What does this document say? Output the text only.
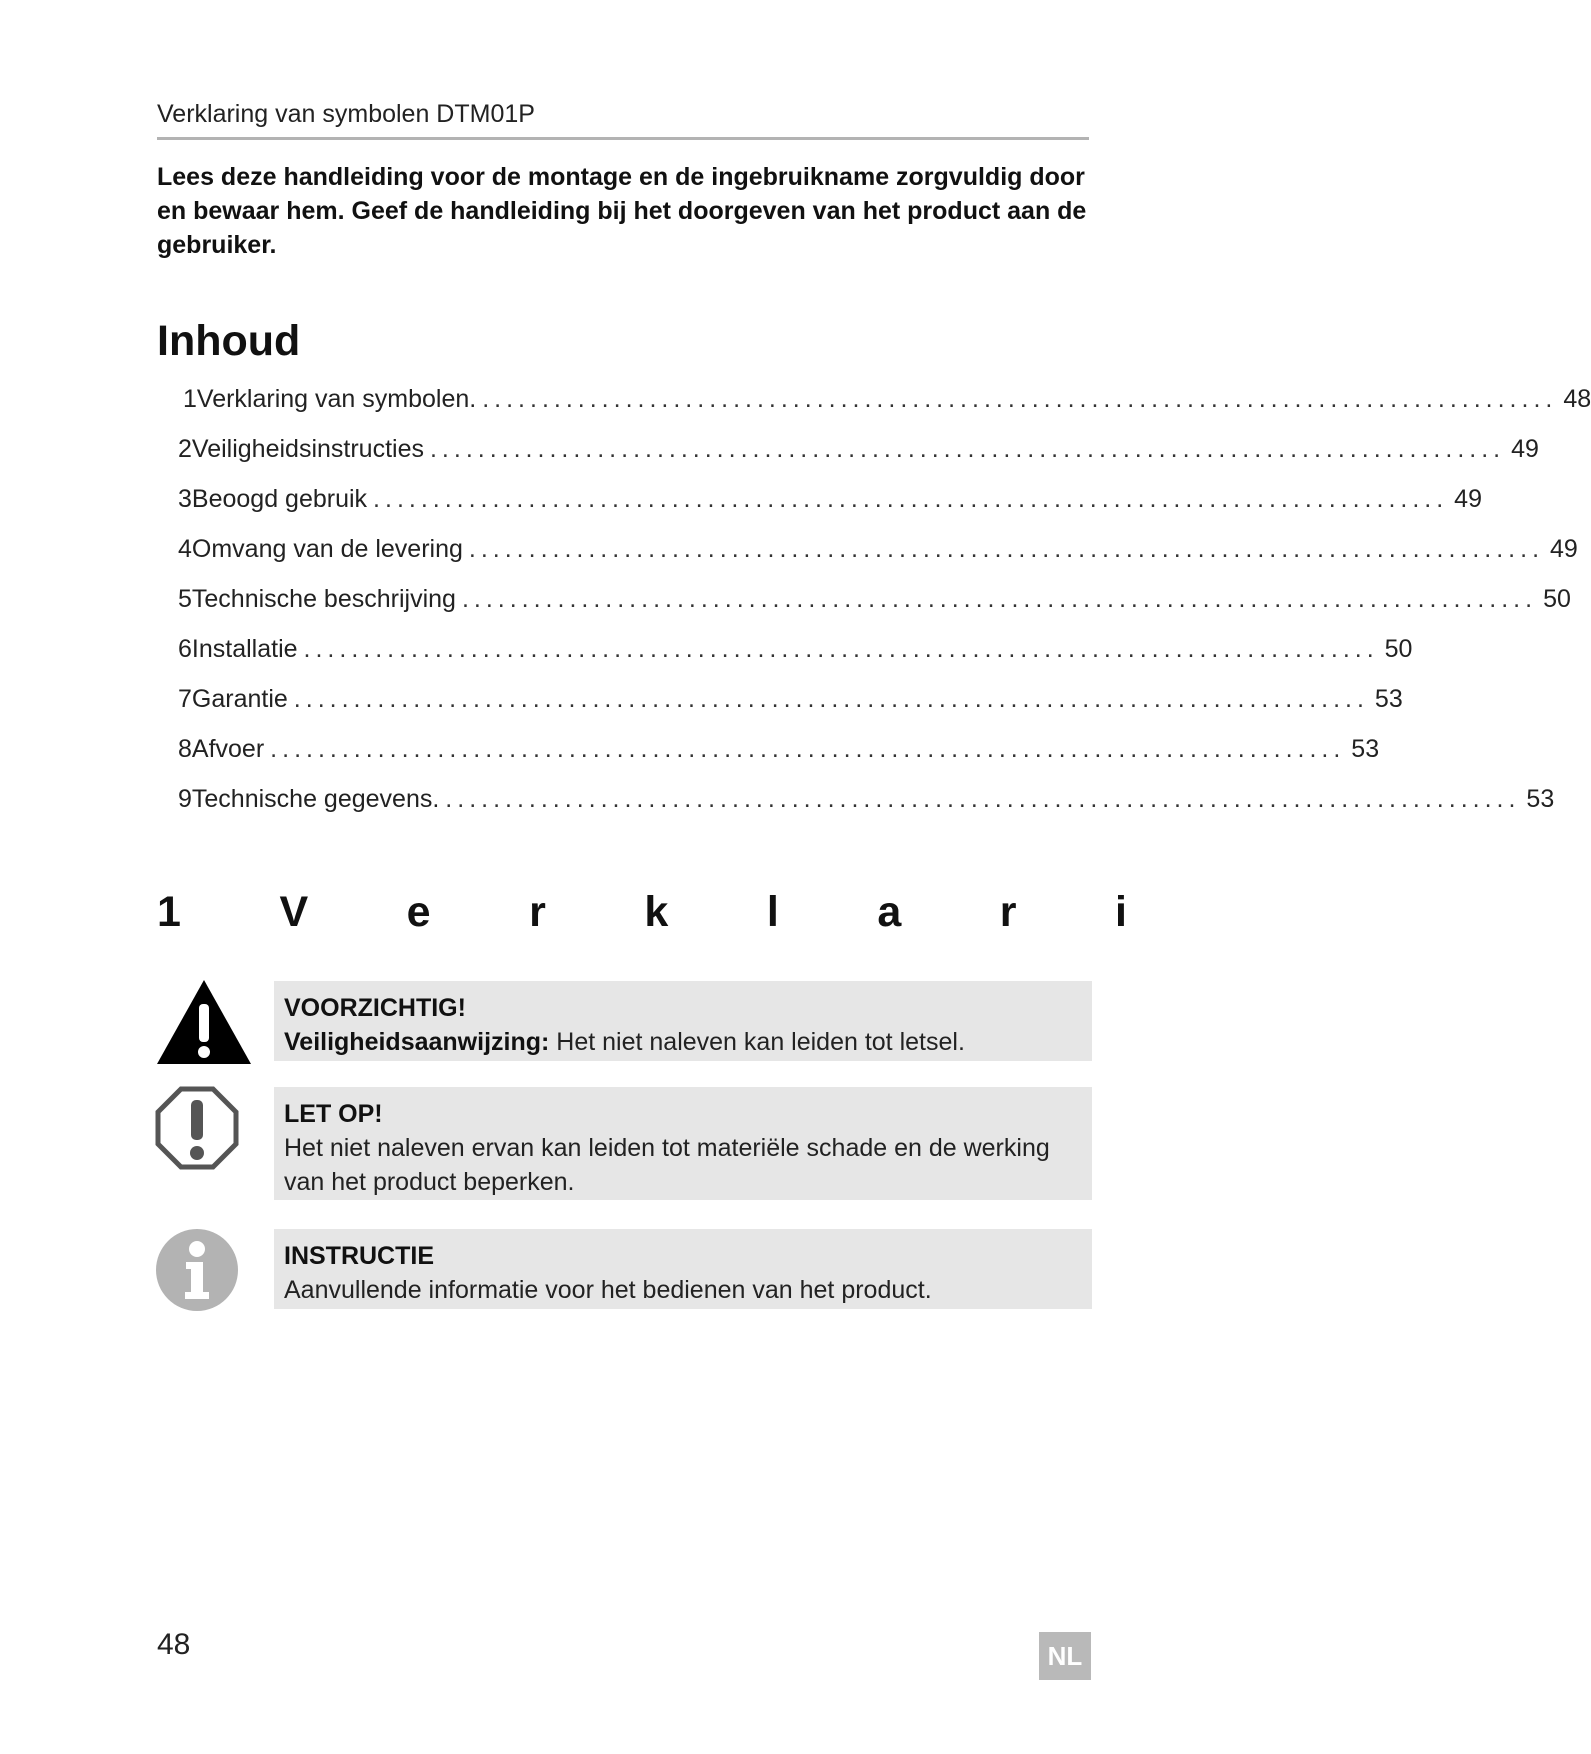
Verklaring van symbolen DTM01P
Lees deze handleiding voor de montage en de ingebruikname zorgvuldig door en bewaar hem. Geef de handleiding bij het doorgeven van het product aan de gebruiker.
Inhoud
1 Verklaring van symbolen. .......................................................................................... 48
2 Veiligheidsinstructies .......................................................................................... 49
3 Beoogd gebruik .......................................................................................... 49
4 Omvang van de levering .......................................................................................... 49
5 Technische beschrijving .......................................................................................... 50
6 Installatie .......................................................................................... 50
7 Garantie .......................................................................................... 53
8 Afvoer .......................................................................................... 53
9 Technische gegevens. .......................................................................................... 53
1 V e r k l a r i
VOORZICHTIG!
Veiligheidsaanwijzing: Het niet naleven kan leiden tot letsel.
LET OP!
Het niet naleven ervan kan leiden tot materiële schade en de werking van het product beperken.
INSTRUCTIE
Aanvullende informatie voor het bedienen van het product.
48	NL
